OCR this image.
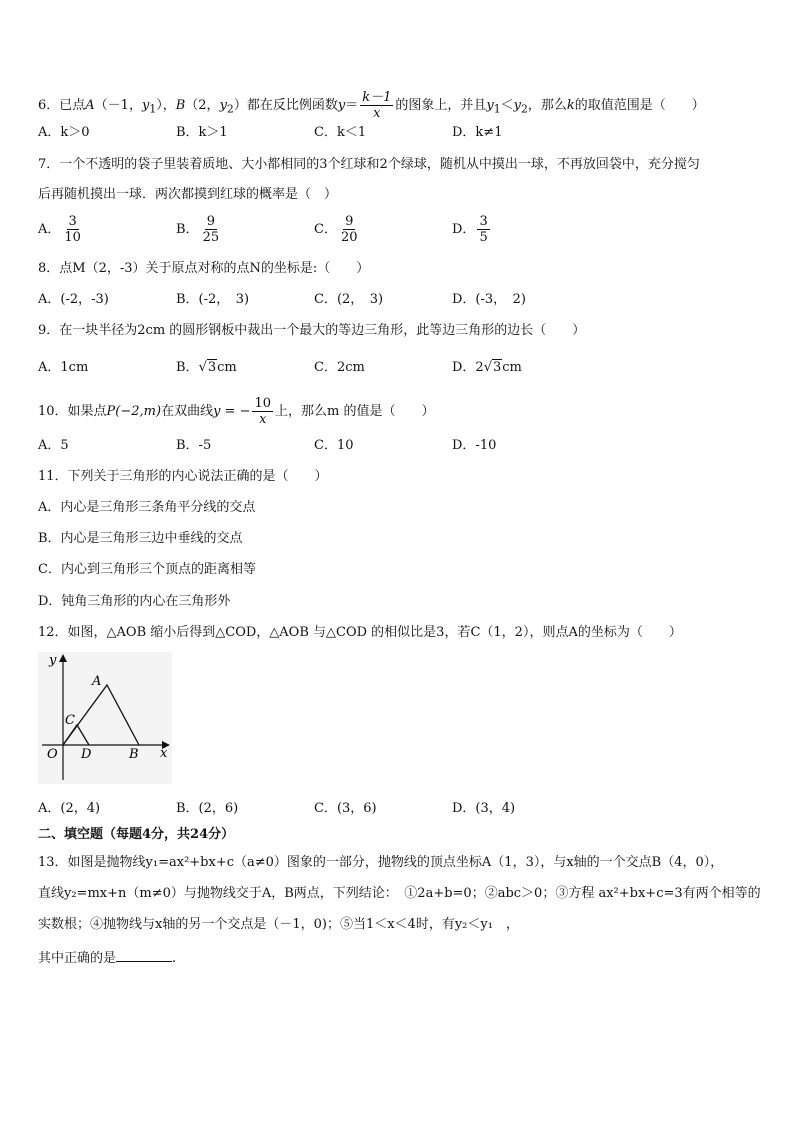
6．已点A（－1，$y_1$），B（2，$y_2$）都在反比例函数$y= \frac{k-1}{x}$ 的图象上，并且$y_1<y_2$，那么k的取值范围是（　　）
A．k＞0	B．k＞1	C．k＜1	D．k≠1
7．一个不透明的袋子里装着质地、大小都相同的3个红球和2个绿球，随机从中摸出一球，不再放回袋中，充分搅匀
后再随机摸出一球．两次都摸到红球的概率是（　）
A． $\frac{3}{10}$	B． $\frac{9}{25}$	C． $\frac{9}{20}$	D． $\frac{3}{5}$
8．点M（2，-3）关于原点对称的点N的坐标是:（　　）
A．(-2，-3)	B．(-2，　3)	C．(2，　3)	D．(-3，　2)
9．在一块半径为2cm 的圆形钢板中裁出一个最大的等边三角形，此等边三角形的边长（　　）
A．1cm	B．√3cm	C．2cm	D．2√3cm
10．如果点P(−2,m)在双曲线y = − $\frac{10}{x}$ 上，那么m 的值是（　　）
A．5	B．-5	C．10	D．-10
11．下列关于三角形的内心说法正确的是（　　）
A．内心是三角形三条角平分线的交点
B．内心是三角形三边中垂线的交点
C．内心到三角形三个顶点的距离相等
D．钝角三角形的内心在三角形外
12．如图，△AOB 缩小后得到△COD，△AOB 与△COD 的相似比是3，若C（1，2），则点A的坐标为（　　）
y
x
A
C
O D	B
A．(2，4)	B．(2，6)	C．(3，6)	D．(3，4)
二、填空题（每题4分，共24分）
13．如图是抛物线y₁=ax²+bx+c（a≠0）图象的一部分，抛物线的顶点坐标A（1，3），与x轴的一个交点B（4，0），
直线y₂=mx+n（m≠0）与抛物线交于A，B两点，下列结论：　①2a+b=0；②abc＞0；③方程 ax²+bx+c=3有两个相等的
实数根；④抛物线与x轴的另一个交点是（－1，0)；⑤当1＜x＜4时，有y₂＜y₁　，
其中正确的是	.
